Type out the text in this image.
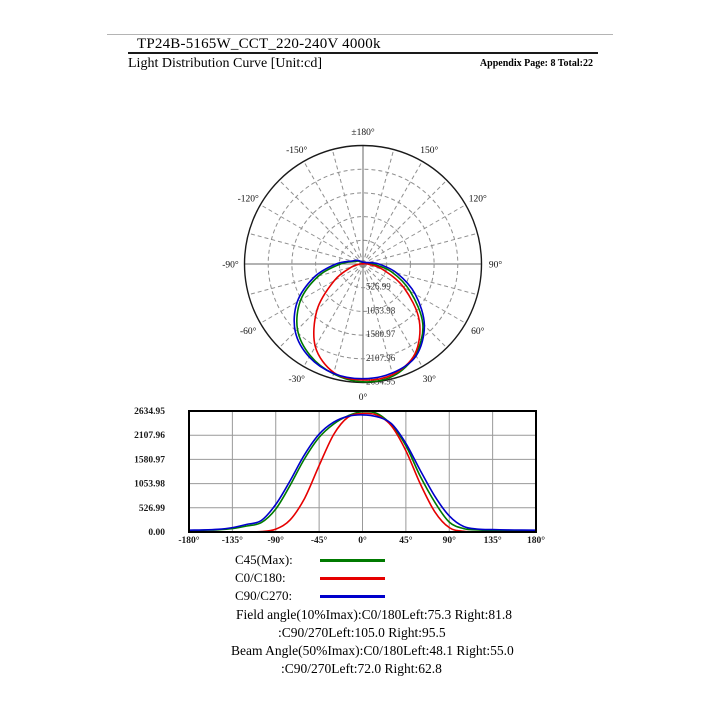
TP24B-5165W_CCT_220-240V 4000k
Light Distribution Curve [Unit:cd]	Appendix Page: 8 Total:22
526.99
1053.98
1580.97
2107.96
2634.95
-150°
-120°
-90°
-60°
-30°
0°
30°
60°
90°
120°
150°
±180°
0.00
526.99
1053.98
1580.97
2107.96
2634.95
-180° -135°	-90°	-45°	0°	45°	90°	135°	180°
C45(Max):
C0/C180:
C90/C270:
Field angle(10%Imax):C0/180Left:75.3 Right:81.8
:C90/270Left:105.0 Right:95.5
Beam Angle(50%Imax):C0/180Left:48.1 Right:55.0
:C90/270Left:72.0 Right:62.8
